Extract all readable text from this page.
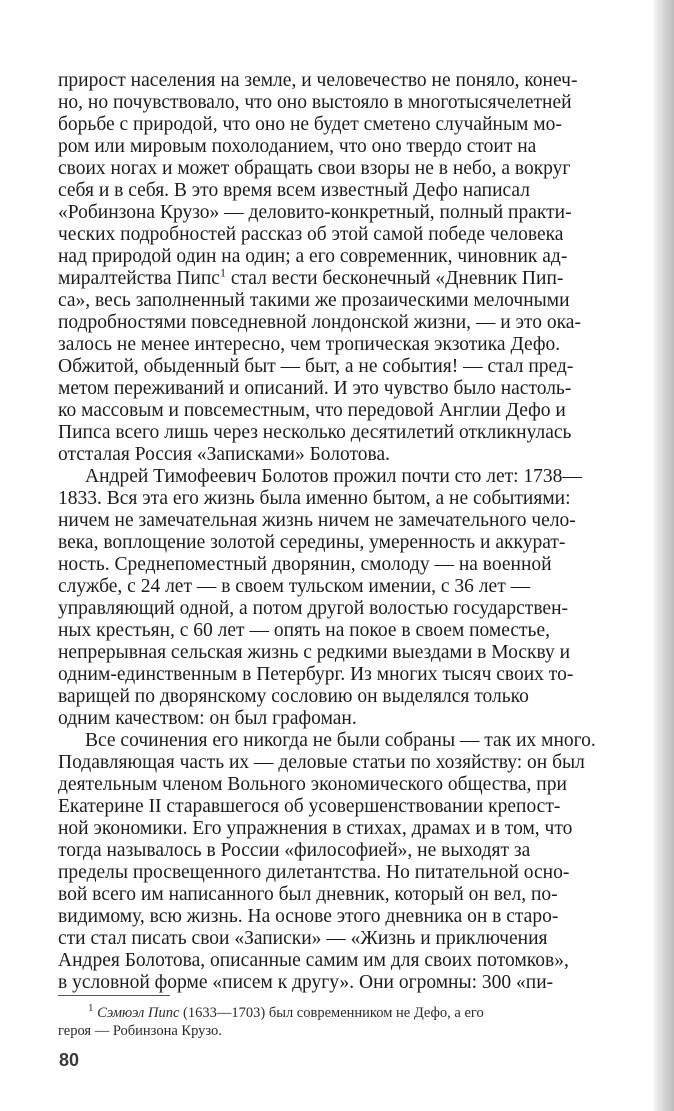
прирост населения на земле, и человечество не поняло, конеч-
но, но почувствовало, что оно выстояло в многотысячелетней
борьбе с природой, что оно не будет сметено случайным мо-
ром или мировым похолоданием, что оно твердо стоит на
своих ногах и может обращать свои взоры не в небо, а вокруг
себя и в себя. В это время всем известный Дефо написал
«Робинзона Крузо» — деловито-конкретный, полный практи-
ческих подробностей рассказ об этой самой победе человека
над природой один на один; а его современник, чиновник ад-
миралтейства Пипс$^1$ стал вести бесконечный «Дневник Пип-
са», весь заполненный такими же прозаическими мелочными
подробностями повседневной лондонской жизни, — и это ока-
залось не менее интересно, чем тропическая экзотика Дефо.
Обжитой, обыденный быт — быт, а не события! — стал пред-
метом переживаний и описаний. И это чувство было настоль-
ко массовым и повсеместным, что передовой Англии Дефо и
Пипса всего лишь через несколько десятилетий откликнулась
отсталая Россия «Записками» Болотова.
Андрей Тимофеевич Болотов прожил почти сто лет: 1738—
1833. Вся эта его жизнь была именно бытом, а не событиями:
ничем не замечательная жизнь ничем не замечательного чело-
века, воплощение золотой середины, умеренность и аккурат-
ность. Среднепоместный дворянин, смолоду — на военной
службе, с 24 лет — в своем тульском имении, с 36 лет —
управляющий одной, а потом другой волостью государствен-
ных крестьян, с 60 лет — опять на покое в своем поместье,
непрерывная сельская жизнь с редкими выездами в Москву и
одним-единственным в Петербург. Из многих тысяч своих то-
варищей по дворянскому сословию он выделялся только
одним качеством: он был графоман.
Все сочинения его никогда не были собраны — так их много.
Подавляющая часть их — деловые статьи по хозяйству: он был
деятельным членом Вольного экономического общества, при
Екатерине II старавшегося об усовершенствовании крепост-
ной экономики. Его упражнения в стихах, драмах и в том, что
тогда называлось в России «философией», не выходят за
пределы просвещенного дилетантства. Но питательной осно-
вой всего им написанного был дневник, который он вел, по-
видимому, всю жизнь. На основе этого дневника он в старо-
сти стал писать свои «Записки» — «Жизнь и приключения
Андрея Болотова, описанные самим им для своих потомков»,
в условной форме «писем к другу». Они огромны: 300 «пи-
$^1$ Сэмюэл Пипс (1633—1703) был современником не Дефо, а его
героя — Робинзона Крузо.
80
